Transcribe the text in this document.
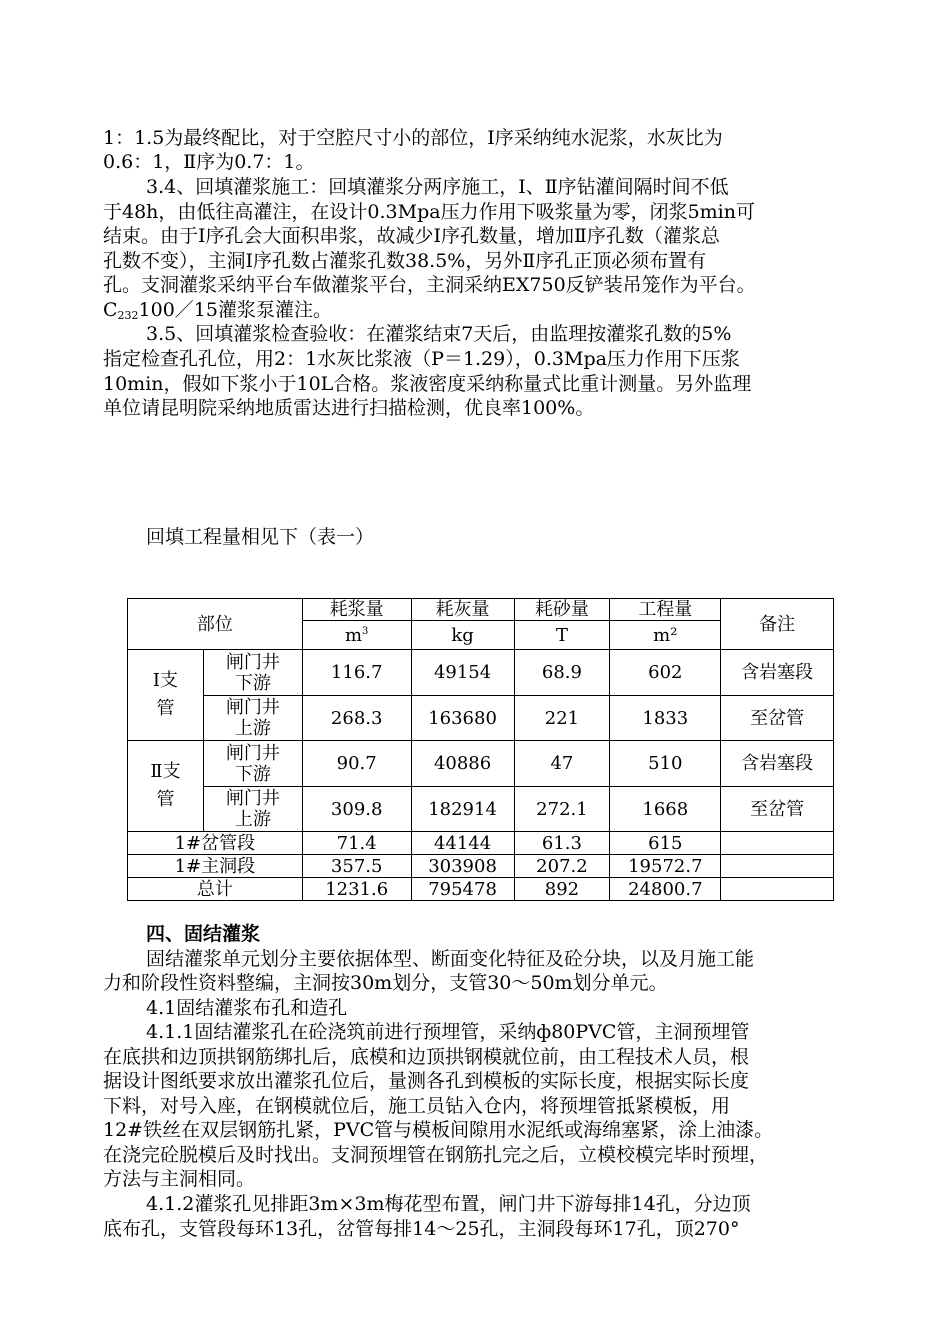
1：1.5为最终配比，对于空腔尺寸小的部位，Ⅰ序采纳纯水泥浆，水灰比为
0.6：1，Ⅱ序为0.7：1。
3.4、回填灌浆施工：回填灌浆分两序施工，Ⅰ、Ⅱ序钻灌间隔时间不低
于48h，由低往高灌注，在设计0.3Mpa压力作用下吸浆量为零，闭浆5min可
结束。由于Ⅰ序孔会大面积串浆，故减少Ⅰ序孔数量，增加Ⅱ序孔数（灌浆总
孔数不变），主洞Ⅰ序孔数占灌浆孔数38.5%，另外Ⅱ序孔正顶必须布置有
孔。支洞灌浆采纳平台车做灌浆平台，主洞采纳EX750反铲装吊笼作为平台。
$C_{232}100/15$灌浆泵灌注。
3.5、回填灌浆检查验收：在灌浆结束7天后，由监理按灌浆孔数的5%
指定检查孔孔位，用2：1水灰比浆液（P＝1.29），0.3Mpa压力作用下压浆
10min，假如下浆小于10L合格。浆液密度采纳称量式比重计测量。另外监理
单位请昆明院采纳地质雷达进行扫描检测，优良率100%。
回填工程量相见下（表一）
部位		耗浆量	耗灰量	耗砂量	工程量	备注
		$m^3$	kg	T	m²	
Ⅰ支管	闸门井下游	116.7	49154	68.9	602	含岩塞段
	闸门井上游	268.3	163680	221	1833	至岔管
Ⅱ支管	闸门井下游	90.7	40886	47	510	含岩塞段
	闸门井上游	309.8	182914	272.1	1668	至岔管
1#岔管段		71.4	44144	61.3	615	
1#主洞段		357.5	303908	207.2	19572.7	
总计		1231.6	795478	892	24800.7	
四、固结灌浆
固结灌浆单元划分主要依据体型、断面变化特征及砼分块，以及月施工能
力和阶段性资料整编，主洞按30m划分，支管30～50m划分单元。
4.1固结灌浆布孔和造孔
4.1.1固结灌浆孔在砼浇筑前进行预埋管，采纳ф80PVC管，主洞预埋管
在底拱和边顶拱钢筋绑扎后，底模和边顶拱钢模就位前，由工程技术人员，根
据设计图纸要求放出灌浆孔位后，量测各孔到模板的实际长度，根据实际长度
下料，对号入座，在钢模就位后，施工员钻入仓内，将预埋管抵紧模板，用
12#铁丝在双层钢筋扎紧，PVC管与模板间隙用水泥纸或海绵塞紧，涂上油漆。
在浇完砼脱模后及时找出。支洞预埋管在钢筋扎完之后，立模校模完毕时预埋，
方法与主洞相同。
4.1.2灌浆孔见排距3m×3m梅花型布置，闸门井下游每排14孔，分边顶
底布孔，支管段每环13孔，岔管每排14～25孔，主洞段每环17孔，顶270°
